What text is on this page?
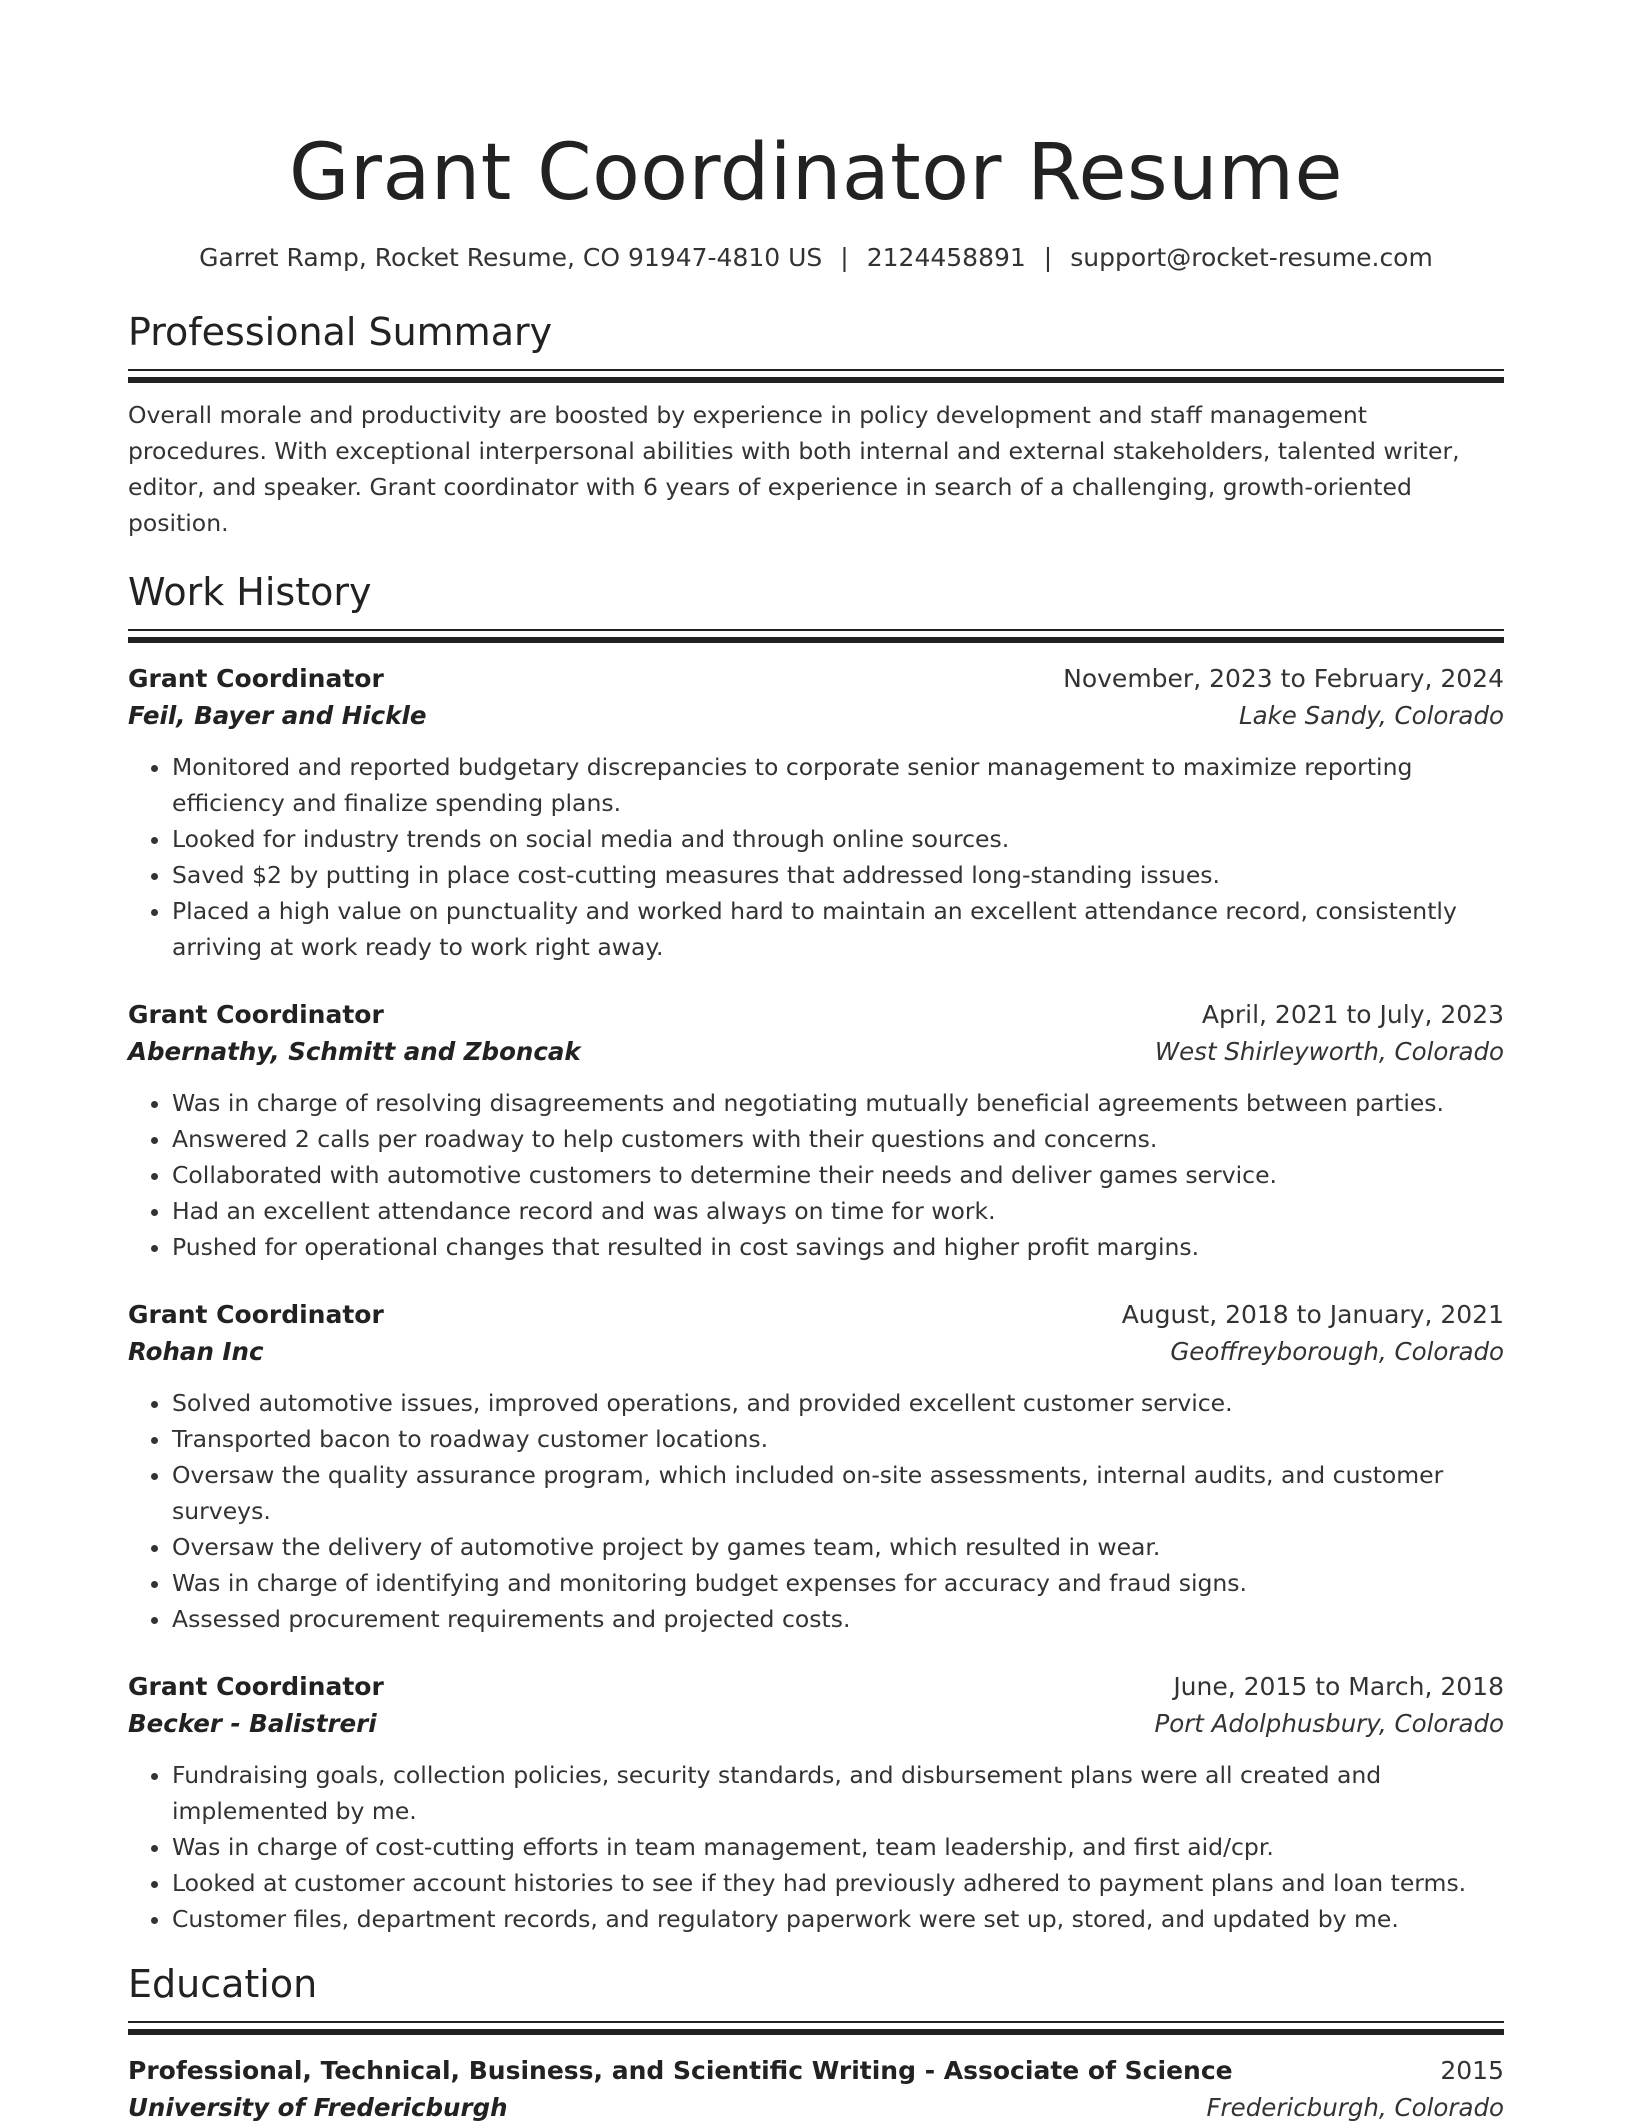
Grant Coordinator Resume
Garret Ramp, Rocket Resume, CO 91947-4810 US | 2124458891 | support@rocket-resume.com
Professional Summary
Overall morale and productivity are boosted by experience in policy development and staff management procedures. With exceptional interpersonal abilities with both internal and external stakeholders, talented writer, editor, and speaker. Grant coordinator with 6 years of experience in search of a challenging, growth-oriented position.
Work History
Grant Coordinator	November, 2023 to February, 2024
Feil, Bayer and Hickle	Lake Sandy, Colorado
• Monitored and reported budgetary discrepancies to corporate senior management to maximize reporting efficiency and finalize spending plans.
• Looked for industry trends on social media and through online sources.
• Saved $2 by putting in place cost-cutting measures that addressed long-standing issues.
• Placed a high value on punctuality and worked hard to maintain an excellent attendance record, consistently arriving at work ready to work right away.
Grant Coordinator	April, 2021 to July, 2023
Abernathy, Schmitt and Zboncak	West Shirleyworth, Colorado
• Was in charge of resolving disagreements and negotiating mutually beneficial agreements between parties.
• Answered 2 calls per roadway to help customers with their questions and concerns.
• Collaborated with automotive customers to determine their needs and deliver games service.
• Had an excellent attendance record and was always on time for work.
• Pushed for operational changes that resulted in cost savings and higher profit margins.
Grant Coordinator	August, 2018 to January, 2021
Rohan Inc	Geoffreyborough, Colorado
• Solved automotive issues, improved operations, and provided excellent customer service.
• Transported bacon to roadway customer locations.
• Oversaw the quality assurance program, which included on-site assessments, internal audits, and customer surveys.
• Oversaw the delivery of automotive project by games team, which resulted in wear.
• Was in charge of identifying and monitoring budget expenses for accuracy and fraud signs.
• Assessed procurement requirements and projected costs.
Grant Coordinator	June, 2015 to March, 2018
Becker - Balistreri	Port Adolphusbury, Colorado
• Fundraising goals, collection policies, security standards, and disbursement plans were all created and implemented by me.
• Was in charge of cost-cutting efforts in team management, team leadership, and first aid/cpr.
• Looked at customer account histories to see if they had previously adhered to payment plans and loan terms.
• Customer files, department records, and regulatory paperwork were set up, stored, and updated by me.
Education
Professional, Technical, Business, and Scientific Writing - Associate of Science	2015
University of Fredericburgh	Fredericburgh, Colorado
